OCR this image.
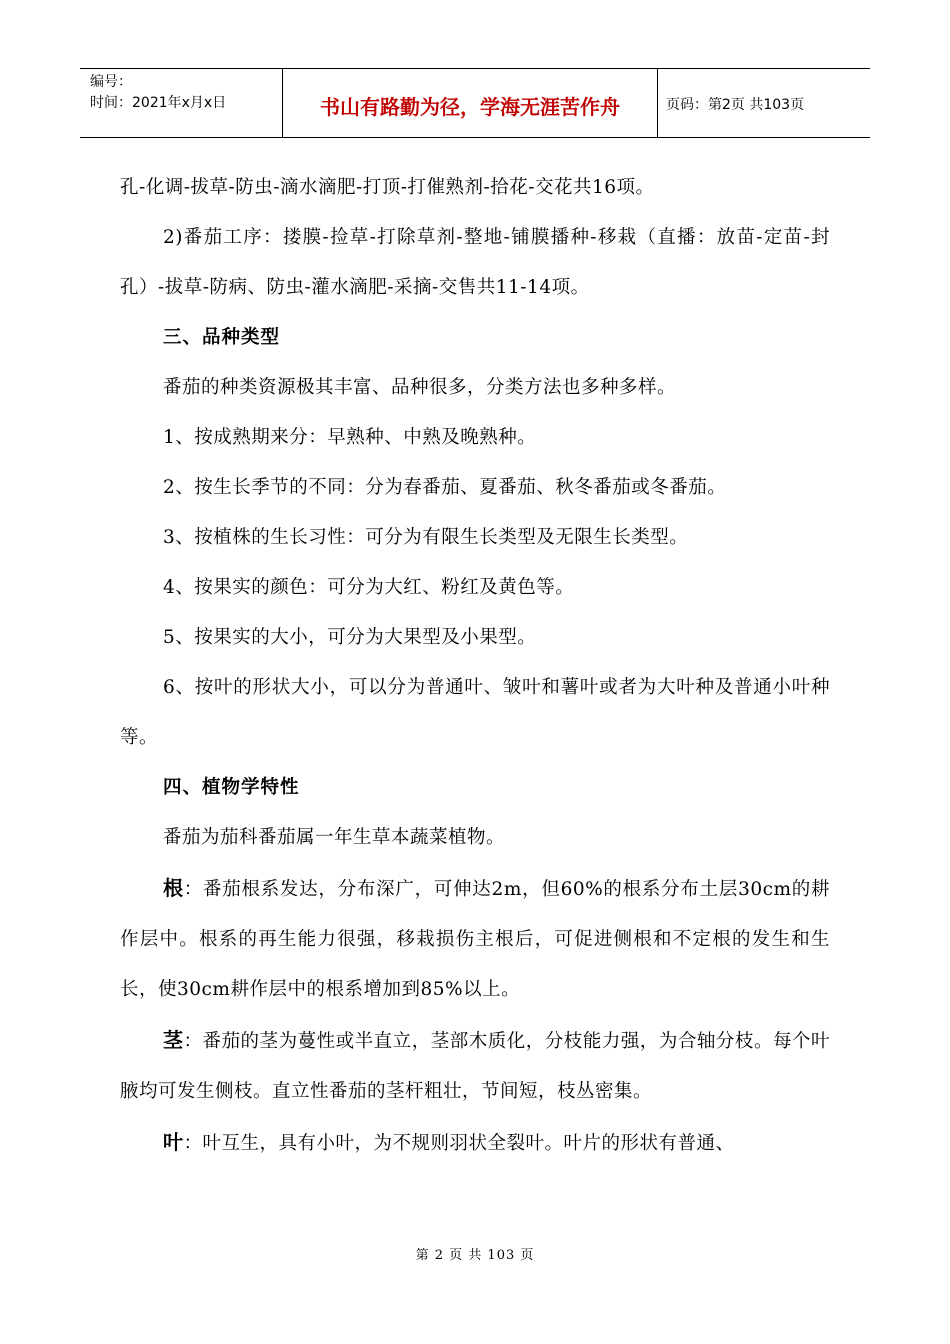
编号：
时间：2021年x月x日	书山有路勤为径，学海无涯苦作舟	页码：第2页 共103页

孔-化调-拔草-防虫-滴水滴肥-打顶-打催熟剂-拾花-交花共16项。

2)番茄工序：搂膜-捡草-打除草剂-整地-铺膜播种-移栽（直播：放苗-定苗-封孔）-拔草-防病、防虫-灌水滴肥-采摘-交售共11-14项。

三、品种类型

番茄的种类资源极其丰富、品种很多，分类方法也多种多样。

1、按成熟期来分：早熟种、中熟及晚熟种。

2、按生长季节的不同：分为春番茄、夏番茄、秋冬番茄或冬番茄。

3、按植株的生长习性：可分为有限生长类型及无限生长类型。

4、按果实的颜色：可分为大红、粉红及黄色等。

5、按果实的大小，可分为大果型及小果型。

6、按叶的形状大小，可以分为普通叶、皱叶和薯叶或者为大叶种及普通小叶种等。

四、植物学特性

番茄为茄科番茄属一年生草本蔬菜植物。

根：番茄根系发达，分布深广，可伸达2m，但60%的根系分布土层30cm的耕作层中。根系的再生能力很强，移栽损伤主根后，可促进侧根和不定根的发生和生长，使30cm耕作层中的根系增加到85%以上。

茎：番茄的茎为蔓性或半直立，茎部木质化，分枝能力强，为合轴分枝。每个叶腋均可发生侧枝。直立性番茄的茎杆粗壮，节间短，枝丛密集。

叶：叶互生，具有小叶，为不规则羽状全裂叶。叶片的形状有普通、

第 2 页 共 103 页
